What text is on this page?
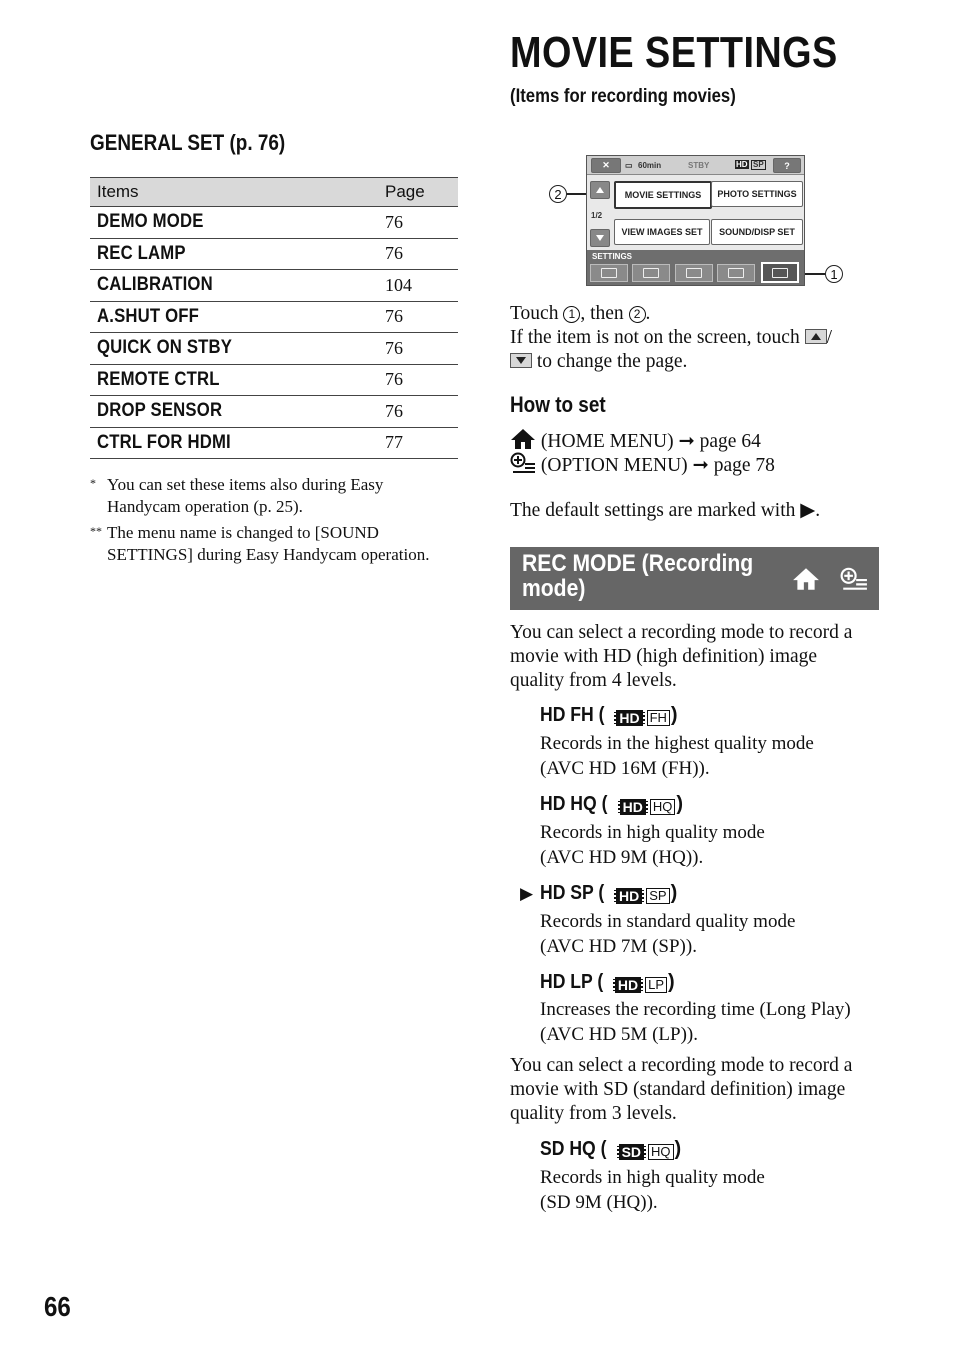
GENERAL SET (p. 76)
Items	Page
DEMO MODE	76
REC LAMP	76
CALIBRATION	104
A.SHUT OFF	76
QUICK ON STBY	76
REMOTE CTRL	76
DROP SENSOR	76
CTRL FOR HDMI	77
* You can set these items also during Easy
Handycam operation (p. 25).
** The menu name is changed to [SOUND
SETTINGS] during Easy Handycam operation.
MOVIE SETTINGS
(Items for recording movies)
2
1
✕	▭ 60min	STBY	HD SP	?
1/2
MOVIE SETTINGS	PHOTO SETTINGS
VIEW IMAGES SET	SOUND/DISP SET
SETTINGS
Touch 1 , then 2 .
If the item is not on the screen, touch /
to change the page.
How to set
(HOME MENU) ➞ page 64
(OPTION MENU) ➞ page 78
The default settings are marked with ▶.
REC MODE (Recording
mode)
You can select a recording mode to record a
movie with HD (high definition) image
quality from 4 levels.
HD FH (	HD FH )
Records in the highest quality mode
(AVC HD 16M (FH)).
HD HQ (	HD HQ )
Records in high quality mode
(AVC HD 9M (HQ)).
▶ HD SP (	HD SP )
Records in standard quality mode
(AVC HD 7M (SP)).
HD LP (	HD LP )
Increases the recording time (Long Play)
(AVC HD 5M (LP)).
You can select a recording mode to record a
movie with SD (standard definition) image
quality from 3 levels.
SD HQ (	SD HQ )
Records in high quality mode
(SD 9M (HQ)).
66
